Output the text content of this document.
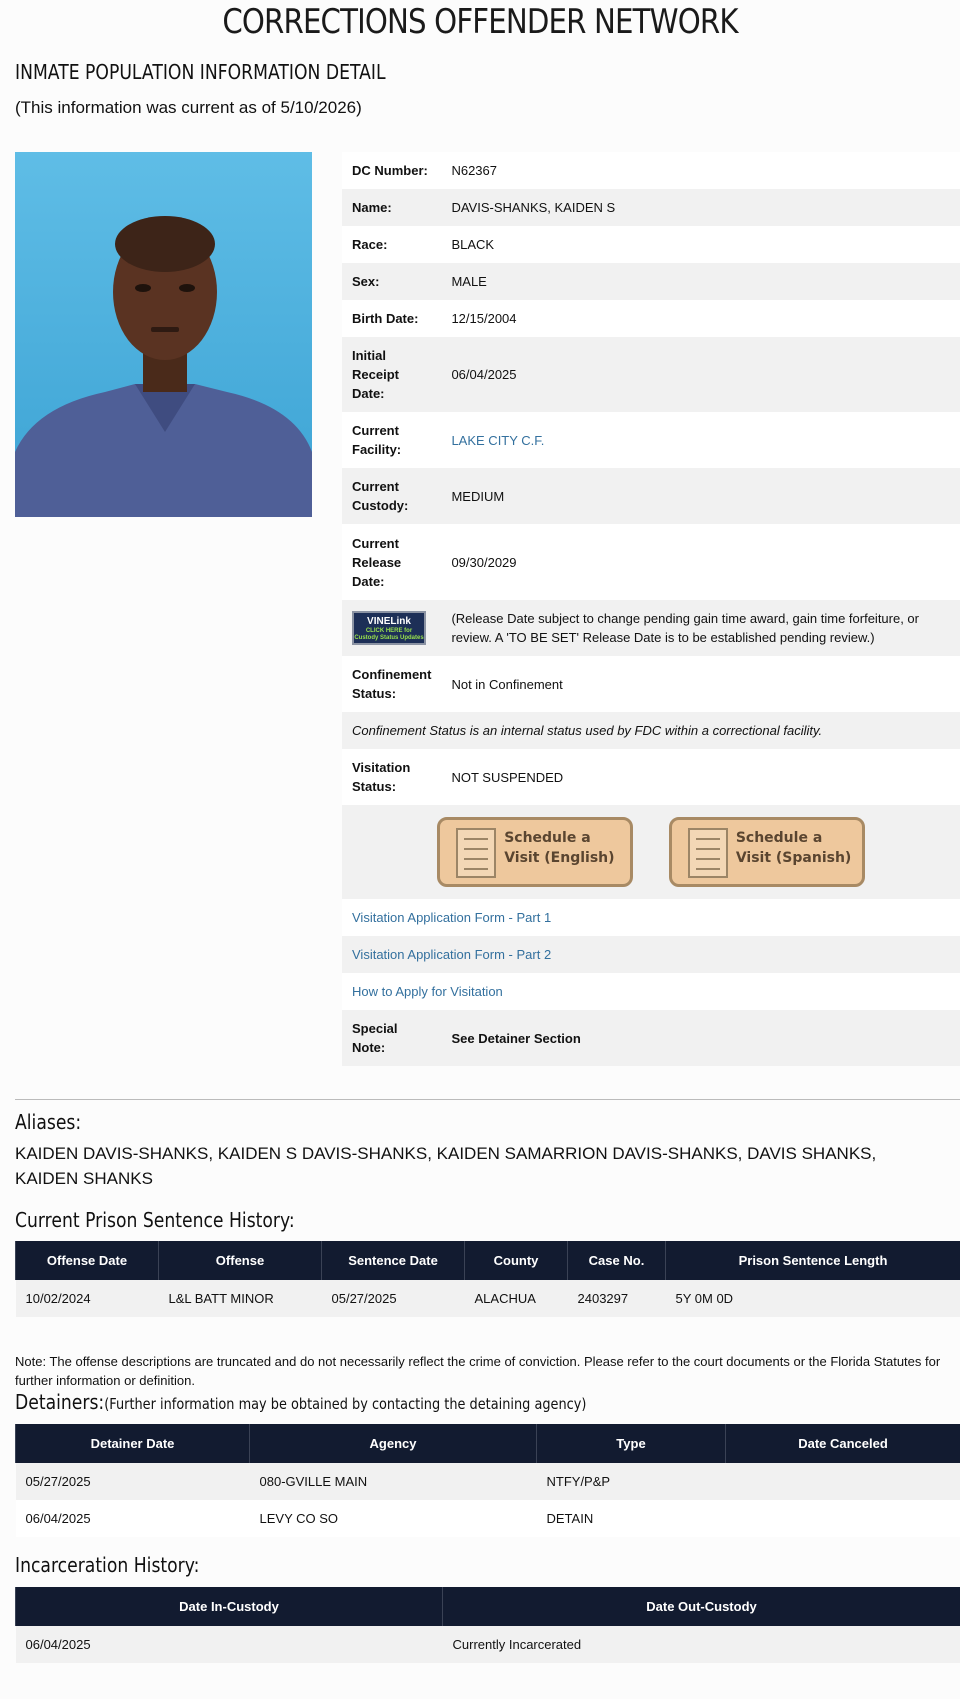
CORRECTIONS OFFENDER NETWORK
INMATE POPULATION INFORMATION DETAIL

(This information was current as of 5/10/2026)

DC Number:	N62367
Name:	DAVIS-SHANKS, KAIDEN S
Race:	BLACK
Sex:	MALE
Birth Date:	12/15/2004
Initial Receipt Date:	06/04/2025
Current Facility:	LAKE CITY C.F.
Current Custody:	MEDIUM
Current Release Date:	09/30/2029
VINELink
CLICK HERE for Custody Status Updates	(Release Date subject to change pending gain time award, gain time forfeiture, or review. A 'TO BE SET' Release Date is to be established pending review.)
Confinement Status:	Not in Confinement
Confinement Status is an internal status used by FDC within a correctional facility.	
Visitation Status:	NOT SUSPENDED

Schedule a Visit (English)

Schedule a Visit (Spanish)	

Visitation Application Form - Part 1	
Visitation Application Form - Part 2	
How to Apply for Visitation	
Special Note:	See Detainer Section
Aliases:

KAIDEN DAVIS-SHANKS, KAIDEN S DAVIS-SHANKS, KAIDEN SAMARRION DAVIS-SHANKS, DAVIS SHANKS, KAIDEN SHANKS

Current Prison Sentence History:
Offense Date	Offense	Sentence Date	County	Case No.	Prison Sentence Length
10/02/2024	L&L BATT MINOR	05/27/2025	ALACHUA	2403297	5Y 0M 0D

Note: The offense descriptions are truncated and do not necessarily reflect the crime of conviction. Please refer to the court documents or the Florida Statutes for further information or definition.

Detainers:(Further information may be obtained by contacting the detaining agency)
Detainer Date	Agency	Type	Date Canceled
05/27/2025	080-GVILLE MAIN	NTFY/P&P	
06/04/2025	LEVY CO SO	DETAIN	
Incarceration History:
Date In-Custody	Date Out-Custody
06/04/2025	Currently Incarcerated
